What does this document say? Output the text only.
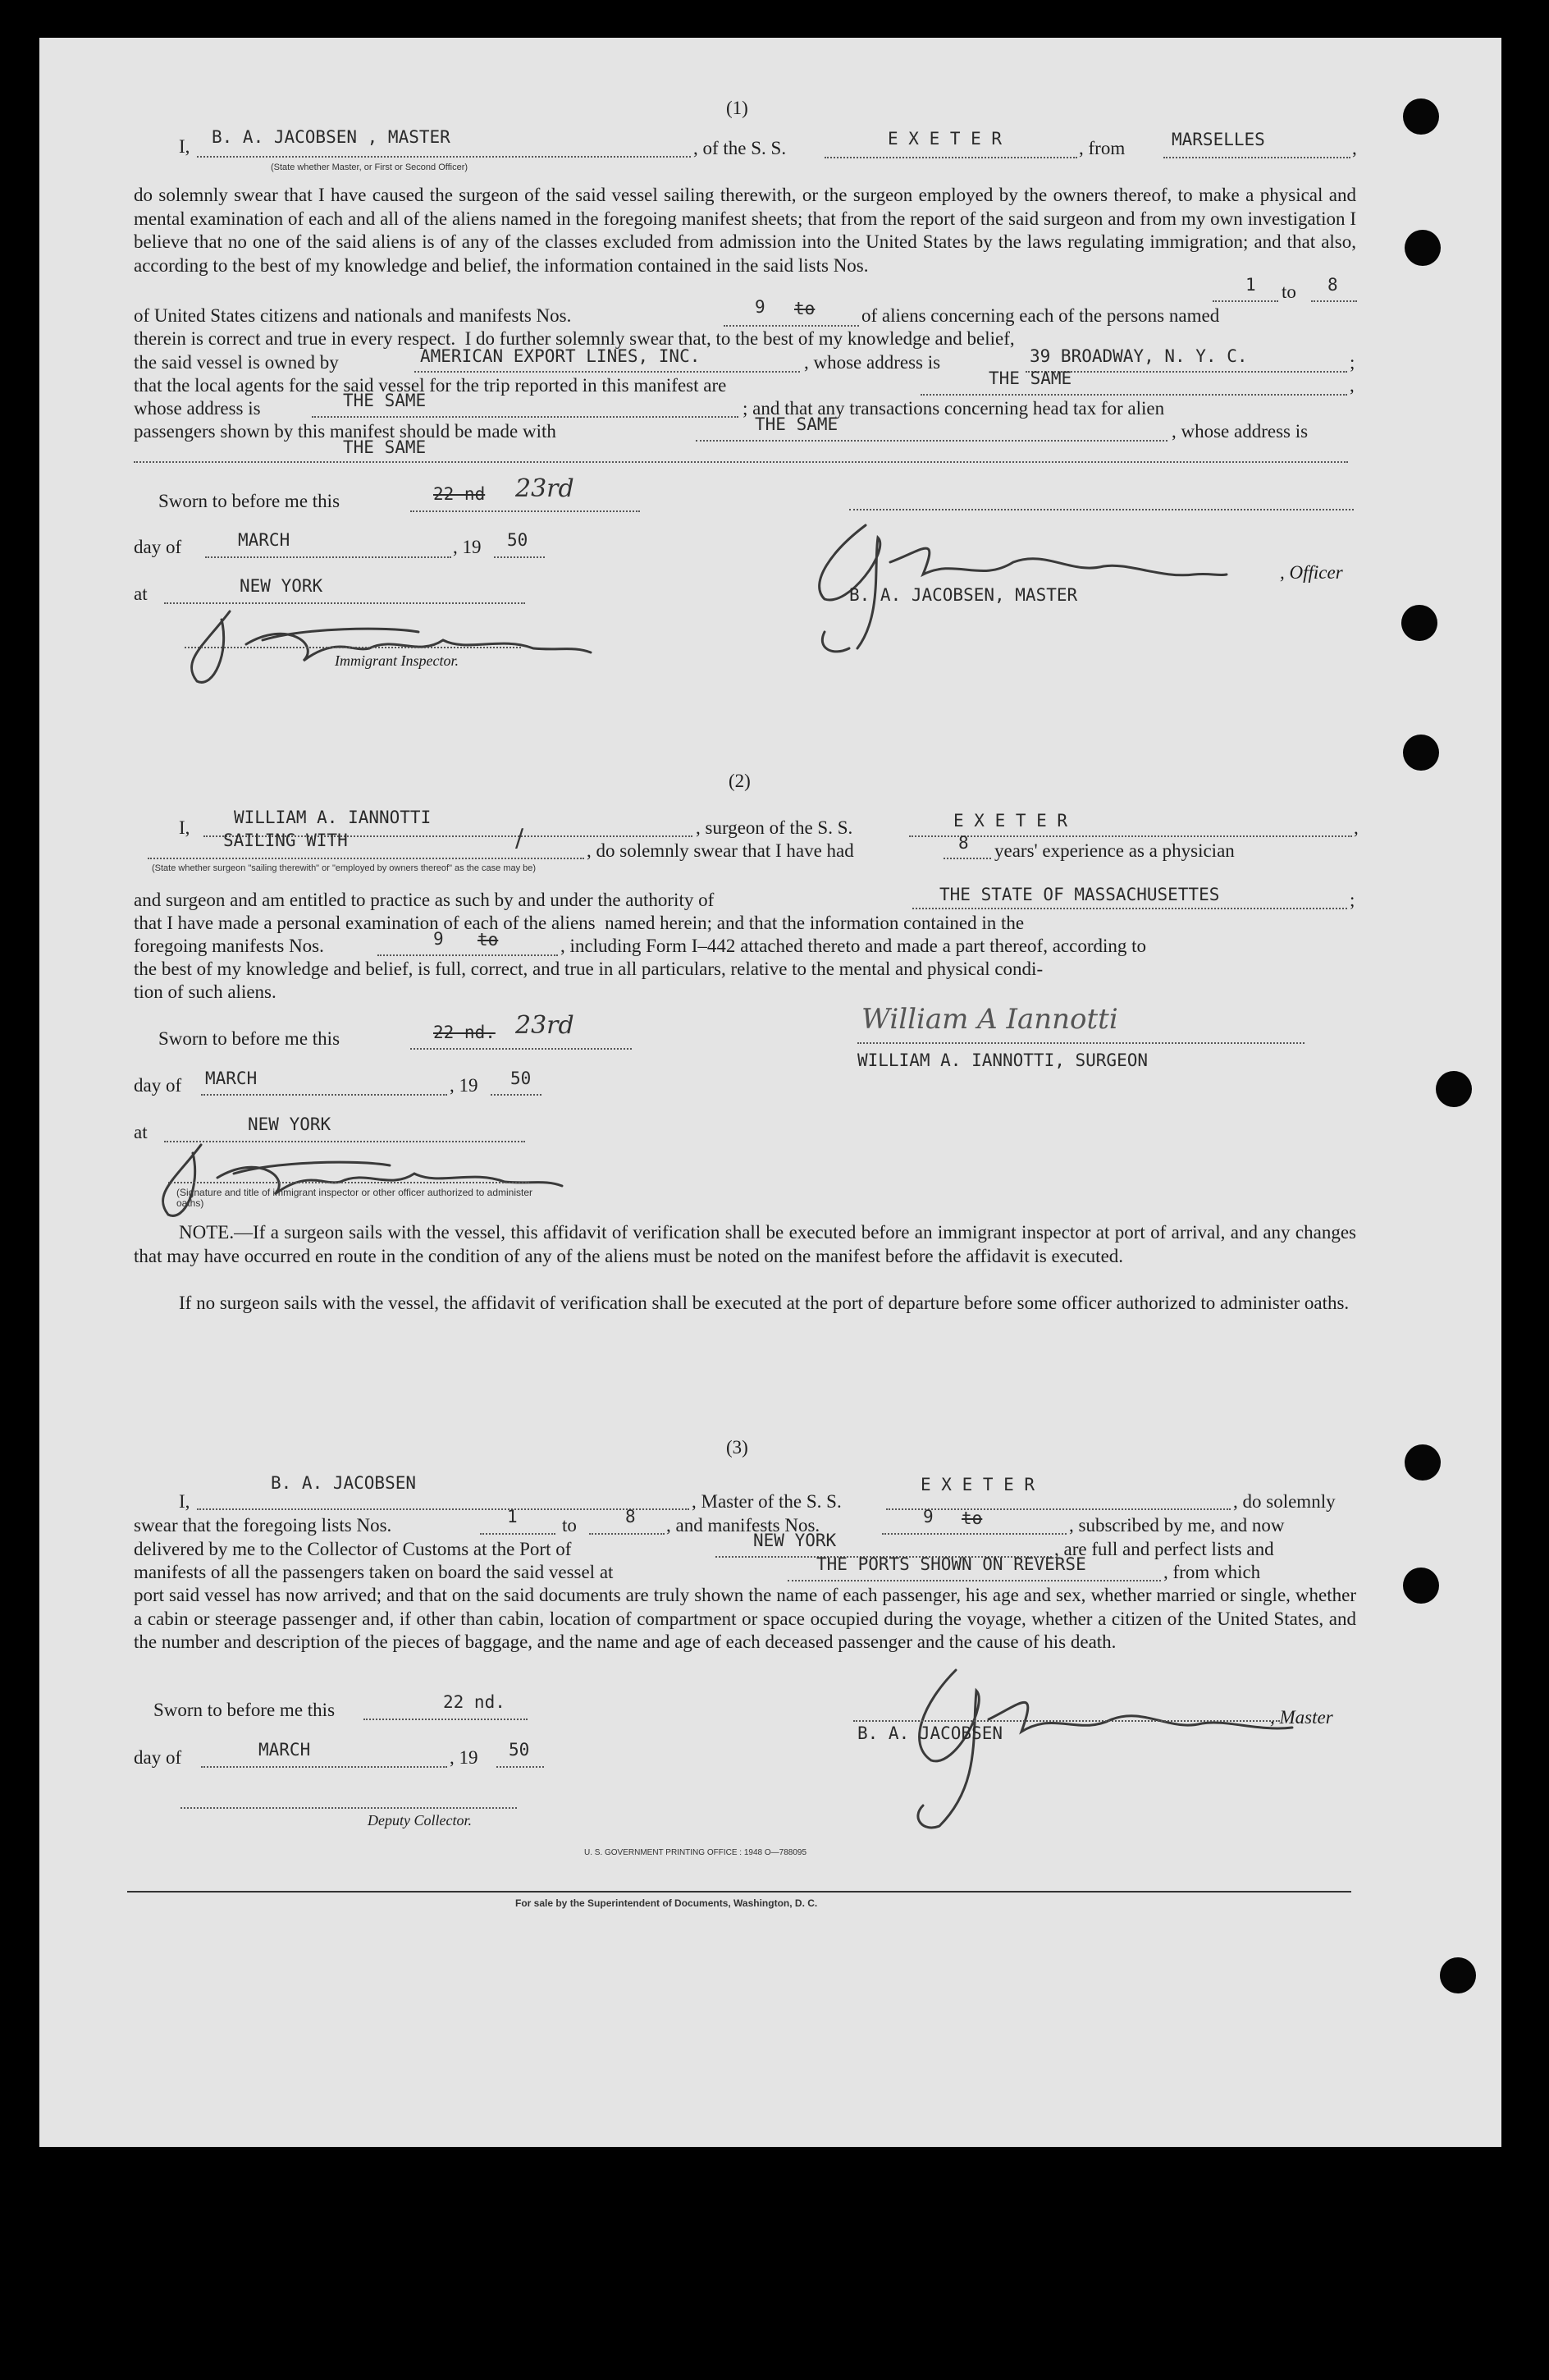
(1)
I, B. A. JACOBSEN , MASTER
(State whether Master, or First or Second Officer)
, of the S. S.	E X E T E R	, from	MARSELLES	,
do solemnly swear that I have caused the surgeon of the said vessel sailing therewith, or the surgeon employed by the owners thereof, to make a physical and mental examination of each and all of the aliens named in the foregoing manifest sheets; that from the report of the said surgeon and from my own investigation I believe that no one of the said aliens is of any of the classes excluded from admission into the United States by the laws regulating immigration; and that also, according to the best of my knowledge and belief, the information contained in the said lists Nos.
1 to 8
of United States citizens and nationals and manifests Nos.	9 to of aliens concerning each of the persons named
therein is correct and true in every respect.  I do further solemnly swear that, to the best of my knowledge and belief,
the said vessel is owned by	AMERICAN EXPORT LINES, INC.	, whose address is	39 BROADWAY, N. Y. C.	;
that the local agents for the said vessel for the trip reported in this manifest are	THE SAME	,
whose address is	THE SAME	; and that any transactions concerning head tax for alien
passengers shown by this manifest should be made with	THE SAME	, whose address is
THE SAME
Sworn to before me this	22 nd 23rd
day of	MARCH	, 19 50
at	NEW YORK
Immigrant Inspector.
, Officer
B. A. JACOBSEN, MASTER
(2)
I,	WILLIAM A. IANNOTTI	, surgeon of the S. S.	E X E T E R	,
SAILING WITH	/	, do solemnly swear that I have had	8 years' experience as a physician
(State whether surgeon "sailing therewith" or "employed by owners thereof" as the case may be)
and surgeon and am entitled to practice as such by and under the authority of	THE STATE OF MASSACHUSETTES	;
that I have made a personal examination of each of the aliens  named herein; and that the information contained in the
foregoing manifests Nos.	9 to	, including Form I–442 attached thereto and made a part thereof, according to
the best of my knowledge and belief, is full, correct, and true in all particulars, relative to the mental and physical condi-
tion of such aliens.
Sworn to before me this	22 nd. 23rd
day of MARCH	, 19 50
at	NEW YORK
(Signature and title of immigrant inspector or other officer authorized to administer oaths)
William A Iannotti
WILLIAM A. IANNOTTI, SURGEON
NOTE.—If a surgeon sails with the vessel, this affidavit of verification shall be executed before an immigrant inspector at port of arrival, and any changes that may have occurred en route in the condition of any of the aliens must be noted on the manifest before the affidavit is executed.
If no surgeon sails with the vessel, the affidavit of verification shall be executed at the port of departure before some officer authorized to administer oaths.
(3)
I,
B. A. JACOBSEN
, Master of the S. S.
E X E T E R
, do solemnly
swear that the foregoing lists Nos.	1 to	8 , and manifests Nos.	9 to	, subscribed by me, and now
delivered by me to the Collector of Customs at the Port of	NEW YORK	, are full and perfect lists and
manifests of all the passengers taken on board the said vessel at	THE PORTS SHOWN ON REVERSE	, from which
port said vessel has now arrived; and that on the said documents are truly shown the name of each passenger, his age and sex, whether married or single, whether a cabin or steerage passenger and, if other than cabin, location of compartment or space occupied during the voyage, whether a citizen of the United States, and the number and description of the pieces of baggage, and the name and age of each deceased passenger and the cause of his death.
Sworn to before me this	22 nd.
day of	MARCH	, 19 50
Deputy Collector.
, Master
B. A. JACOBSEN
U. S. GOVERNMENT PRINTING OFFICE : 1948 O—788095
For sale by the Superintendent of Documents, Washington, D. C.
